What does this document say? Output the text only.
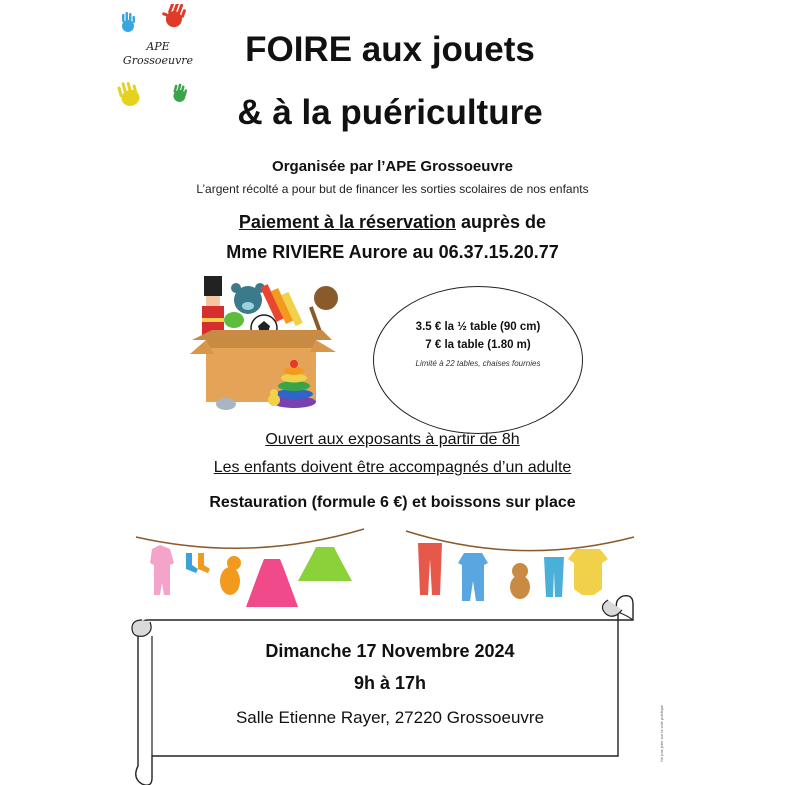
APE
Grossoeuvre	FOIRE aux jouets
& à la puériculture
Organisée par l’APE Grossoeuvre
L’argent récolté a pour but de financer les sorties scolaires de nos enfants
Paiement à la réservation auprès de
Mme RIVIERE Aurore au 06.37.15.20.77
3.5 € la ½ table (90 cm)
7 € la table (1.80 m)
Limité à 22 tables, chaises fournies
Ouvert aux exposants à partir de 8h
Les enfants doivent être accompagnés d’un adulte
Restauration (formule 6 €) et boissons sur place
Dimanche 17 Novembre 2024
9h à 17h
Salle Etienne Rayer, 27220 Grossoeuvre	Ne pas jeter sur la voie publique
